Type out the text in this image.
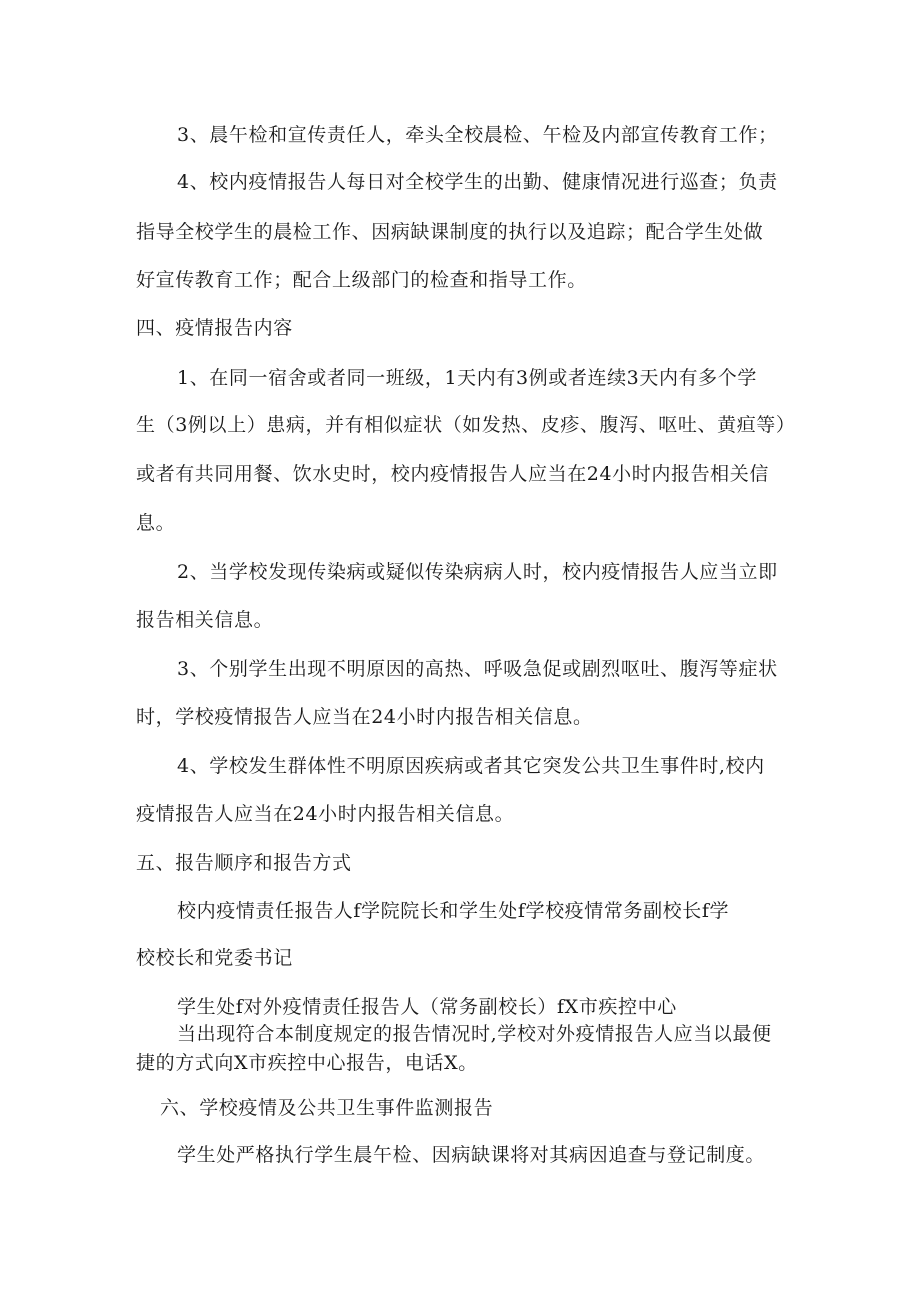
3、晨午检和宣传责任人，牵头全校晨检、午检及内部宣传教育工作；
4、校内疫情报告人每日对全校学生的出勤、健康情况进行巡查；负责
指导全校学生的晨检工作、因病缺课制度的执行以及追踪；配合学生处做
好宣传教育工作；配合上级部门的检查和指导工作。
四、疫情报告内容
1、在同一宿舍或者同一班级，1天内有3例或者连续3天内有多个学
生（3例以上）患病，并有相似症状（如发热、皮疹、腹泻、呕吐、黄疸等）
或者有共同用餐、饮水史时，校内疫情报告人应当在24小时内报告相关信
息。
2、当学校发现传染病或疑似传染病病人时，校内疫情报告人应当立即
报告相关信息。
3、个别学生出现不明原因的高热、呼吸急促或剧烈呕吐、腹泻等症状
时，学校疫情报告人应当在24小时内报告相关信息。
4、学校发生群体性不明原因疾病或者其它突发公共卫生事件时,校内
疫情报告人应当在24小时内报告相关信息。
五、报告顺序和报告方式
校内疫情责任报告人f学院院长和学生处f学校疫情常务副校长f学
校校长和党委书记
学生处f对外疫情责任报告人（常务副校长）fX市疾控中心
当出现符合本制度规定的报告情况时,学校对外疫情报告人应当以最便
捷的方式向X市疾控中心报告，电话X。
六、学校疫情及公共卫生事件监测报告
学生处严格执行学生晨午检、因病缺课将对其病因追查与登记制度。
